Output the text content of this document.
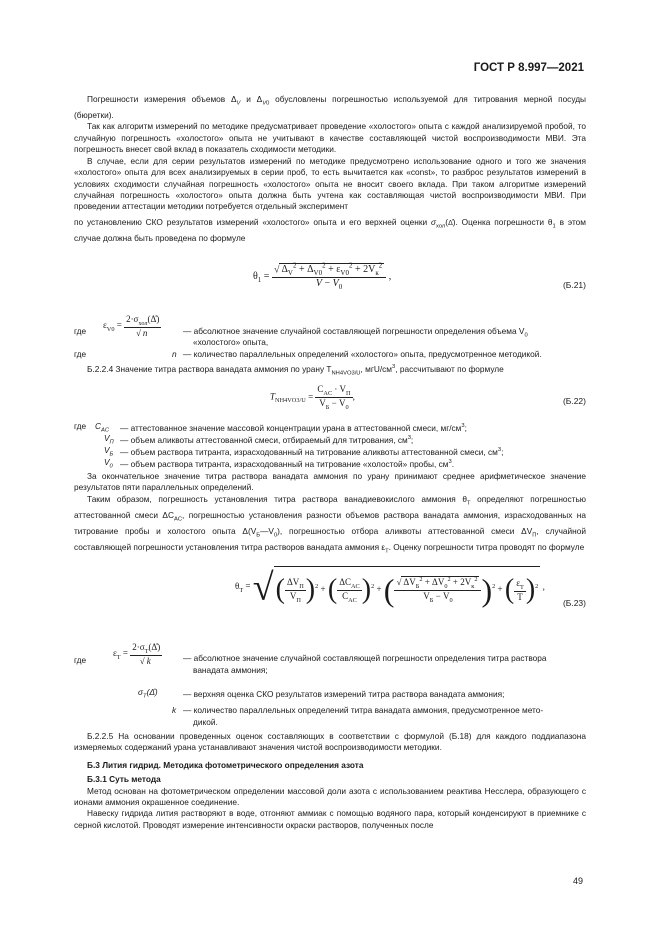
ГОСТ Р 8.997—2021

Погрешности измерения объемов $\Delta_V$ и $\Delta_{V0}$ обусловлены погрешностью используемой для титрования мерной посуды (бюретки).

Так как алгоритм измерений по методике предусматривает проведение «холостого» опыта с каждой анализируемой пробой, то случайную погрешность «холостого» опыта не учитывают в качестве составляющей чистой воспроизводимости МВИ. Эта погрешность внесет свой вклад в показатель сходимости методики.

В случае, если для серии результатов измерений по методике предусмотрено использование одного и того же значения «холостого» опыта для всех анализируемых в серии проб, то есть вычитается как «const», то разброс результатов измерений в условиях сходимости случайная погрешность «холостого» опыта не вносит своего вклада. При таком алгоритме измерений случайная погрешность «холостого» опыта должна быть учтена как составляющая чистой воспроизводимости МВИ. При проведении аттестации методики потребуется отдельный эксперимент

по установлению СКО результатов измерений «холостого» опыта и его верхней оценки $\sigma_{хол}(\Deltå)$. Оценка погрешности $\theta_1$ в этом случае должна быть проведена по формуле

$\theta_1 = \frac{√ \Delta_V^2 + \Delta_{V0}^2 + \varepsilon_{V0}^2 + 2V_к^2}{V - V_0}$ ,
(Б.21)
где
$\varepsilon_{V0} = \frac{2\cdot\sigma_{хол}(\Deltå)}{√ n}$	— абсолютное значение случайной составляющей погрешности определения объема $V_0$
«холостого» опыта,
где	n — количество параллельных определений «холостого» опыта, предусмотренное методикой.
Б.2.2.4 Значение титра раствора ванадата аммония по урану $T_{NH4VO3/U}$, мгU/$см^3$, рассчитывают по формуле
$T_{NH4VO3/U} = \frac{C_{AC} \cdot V_П}{V_Б - V_0}$ ,	(Б.22)
где $C_{AC}$ — аттестованное значение массовой концентрации урана в аттестованной смеси, $мг/см^3$;
$V_П$ — объем аликвоты аттестованной смеси, отбираемый для титрования, $см^3$;
$V_Б$ — объем раствора титранта, израсходованный на титрование аликвоты аттестованной смеси, $см^3$;
$V_0$ — объем раствора титранта, израсходованный на титрование «холостой» пробы, $см^3$.

За окончательное значение титра раствора ванадата аммония по урану принимают среднее арифметическое значение результатов пяти параллельных определений.

Таким образом, погрешность установления титра раствора ванадиевокислого аммония $\theta_T$ определяют погрешностью аттестованной смеси $\Delta C_{AC}$, погрешностью установления разности объемов раствора ванадата аммония, израсходованных на титрование пробы и холостого опыта $\Delta(V_Б—V_0)$, погрешностью отбора аликвоты аттестованной смеси $\Delta V_П$, случайной составляющей погрешности установления титра растворов ванадата аммония $\varepsilon_T$. Оценку погрешности титра проводят по формуле

$\theta_T$ = √( $\frac{\Delta V_П}{V_П} )^2$ + ( $\frac{\Delta C_{AC}}{C_{AC}} )^2$ + ( $\frac{√ \Delta V_Б^2 + \Delta V_0^2 + 2V_к^2}{V_Б - V_0} )^2$ + ( $\frac{\varepsilon_T}{T} )^2$ ,
(Б.23)
где
$\varepsilon_T = \frac{2\cdot\sigma_T(\Deltå)}{√ k}$	— абсолютное значение случайной составляющей погрешности определения титра раствора
ванадата аммония;
$\sigma_T(\Deltå)$	— верхняя оценка СКО результатов измерений титра раствора ванадата аммония;
k — количество параллельных определений титра ванадата аммония, предусмотренное мето-
дикой.

Б.2.2.5 На основании проведенных оценок составляющих в соответствии с формулой (Б.18) для каждого поддиапазона измеряемых содержаний урана устанавливают значения чистой воспроизводимости методики.

Б.3 Лития гидрид. Методика фотометрического определения азота

Б.3.1 Суть метода

Метод основан на фотометрическом определении массовой доли азота с использованием реактива Несслера, образующего с ионами аммония окрашенное соединение.

Навеску гидрида лития растворяют в воде, отгоняют аммиак с помощью водяного пара, который конденсируют в приемнике с серной кислотой. Проводят измерение интенсивности окраски растворов, полученных после

49
